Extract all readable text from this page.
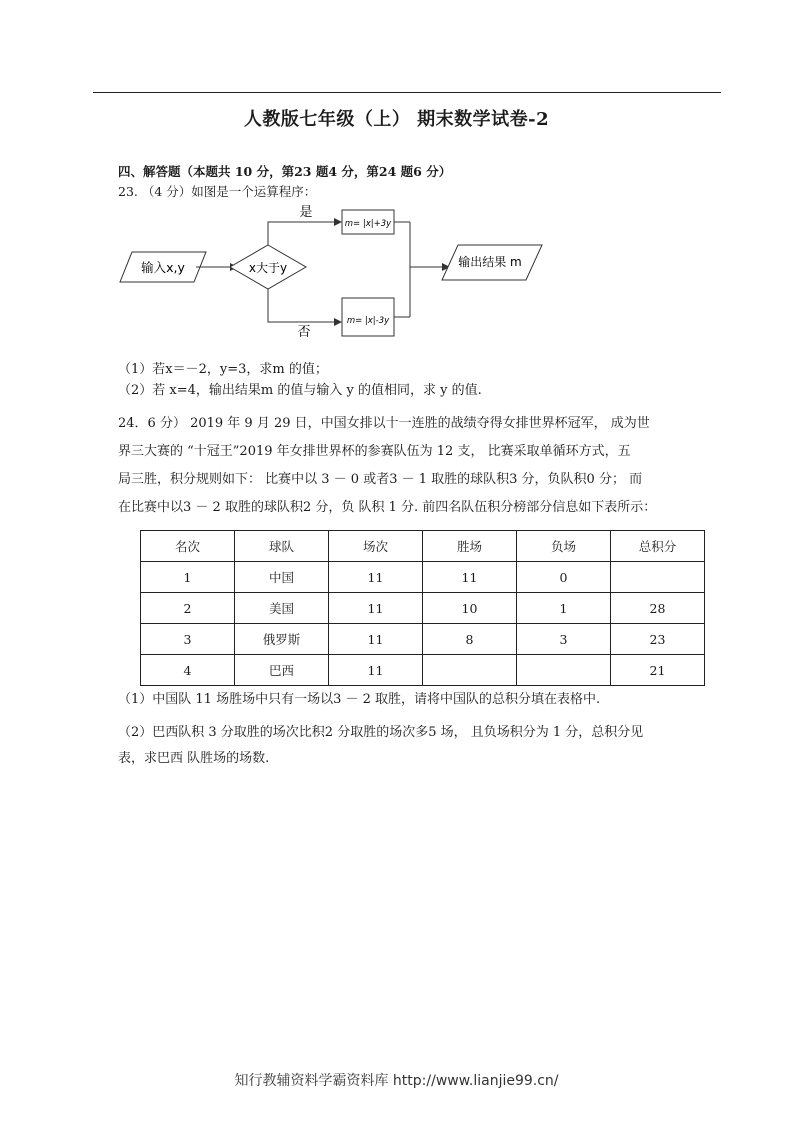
人教版七年级（上） 期末数学试卷-2
四、解答题（本题共 10 分，第23 题4 分，第24 题6 分）
23. （4 分）如图是一个运算程序：
输入x,y	x大于y
是
m= |x|+3y
否
m= |x|-3y
输出结果 m
（1）若x＝－2，y=3，求m 的值；
（2）若 x=4，输出结果m 的值与输入 y 的值相同，求 y 的值.
24．6 分） 2019 年 9 月 29 日，中国女排以十一连胜的战绩夺得女排世界杯冠军， 成为世
界三大赛的 “十冠王”2019 年女排世界杯的参赛队伍为 12 支， 比赛采取单循环方式，五
局三胜，积分规则如下： 比赛中以 3 － 0 或者3 － 1 取胜的球队积3 分，负队积0 分； 而
在比赛中以3 － 2 取胜的球队积2 分，负 队积 1 分. 前四名队伍积分榜部分信息如下表所示：
名次	球队	场次	胜场	负场	总积分
1	中国	11	11	0	
2	美国	11	10	1	28
3	俄罗斯	11	8	3	23
4	巴西	11			21
（1）中国队 11 场胜场中只有一场以3 － 2 取胜，请将中国队的总积分填在表格中.
（2）巴西队积 3 分取胜的场次比积2 分取胜的场次多5 场， 且负场积分为 1 分，总积分见
表，求巴西 队胜场的场数.
知行教辅资料学霸资料库 http://www.lianjie99.cn/
